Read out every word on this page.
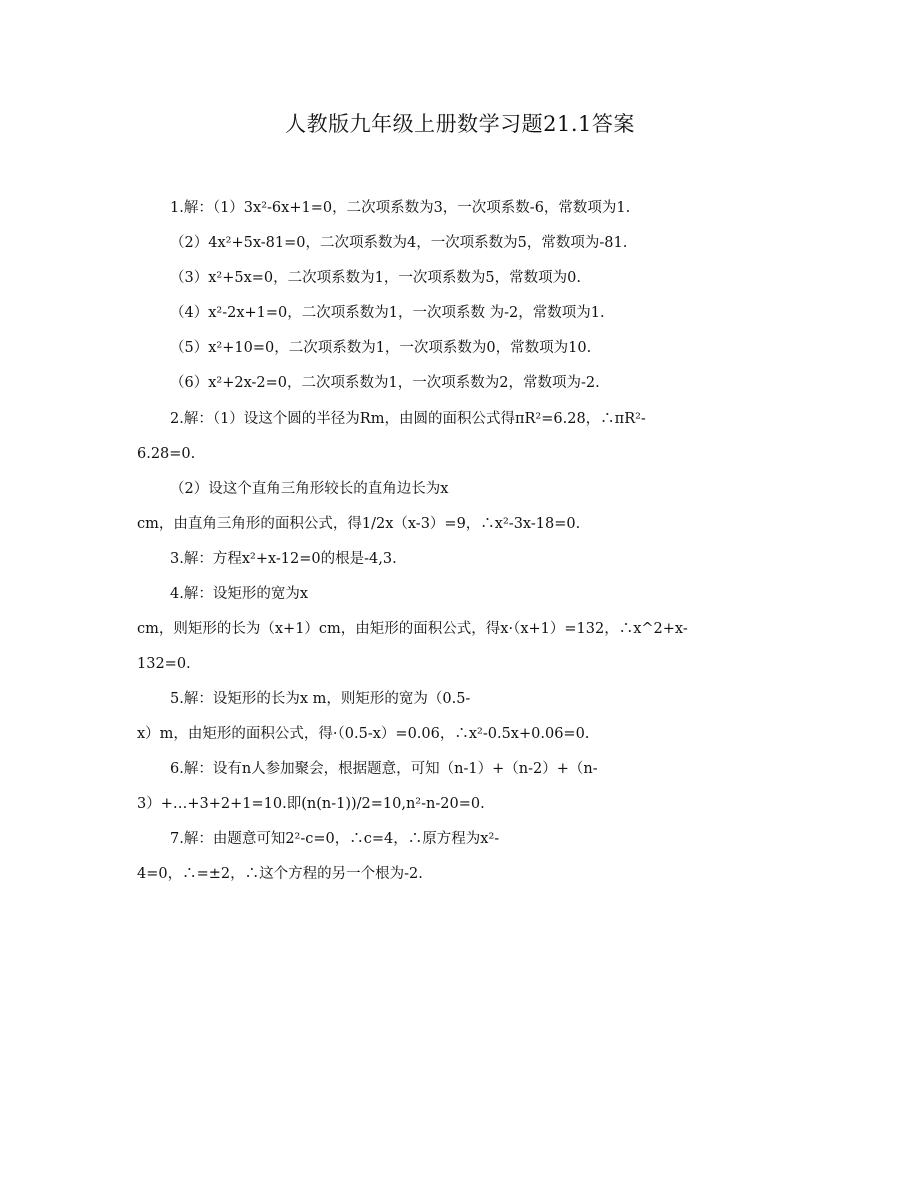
人教版九年级上册数学习题21.1答案
1.解：（1）3x²-6x+1=0，二次项系数为3，一次项系数-6，常数项为1.
（2）4x²+5x-81=0，二次项系数为4，一次项系数为5，常数项为-81.
（3）x²+5x=0，二次项系数为1，一次项系数为5，常数项为0.
（4）x²-2x+1=0，二次项系数为1，一次项系数 为-2，常数项为1.
（5）x²+10=0，二次项系数为1，一次项系数为0，常数项为10.
（6）x²+2x-2=0，二次项系数为1，一次项系数为2，常数项为-2.
2.解：（1）设这个圆的半径为Rm，由圆的面积公式得πR²=6.28，∴πR²-
6.28=0.
（2）设这个直角三角形较长的直角边长为x
cm，由直角三角形的面积公式，得1/2x（x-3）=9，∴x²-3x-18=0.
3.解：方程x²+x-12=0的根是-4,3.
4.解：设矩形的宽为x
cm，则矩形的长为（x+1）cm，由矩形的面积公式，得x·（x+1）=132，∴x^2+x-
132=0.
5.解：设矩形的长为x m，则矩形的宽为（0.5-
x）m，由矩形的面积公式，得·（0.5-x）=0.06，∴x²-0.5x+0.06=0.
6.解：设有n人参加聚会，根据题意，可知（n-1）+（n-2）+（n-
3）+…+3+2+1=10.即(n(n-1))/2=10,n²-n-20=0.
7.解：由题意可知2²-c=0，∴c=4，∴原方程为x²-
4=0，∴=±2，∴这个方程的另一个根为-2.
